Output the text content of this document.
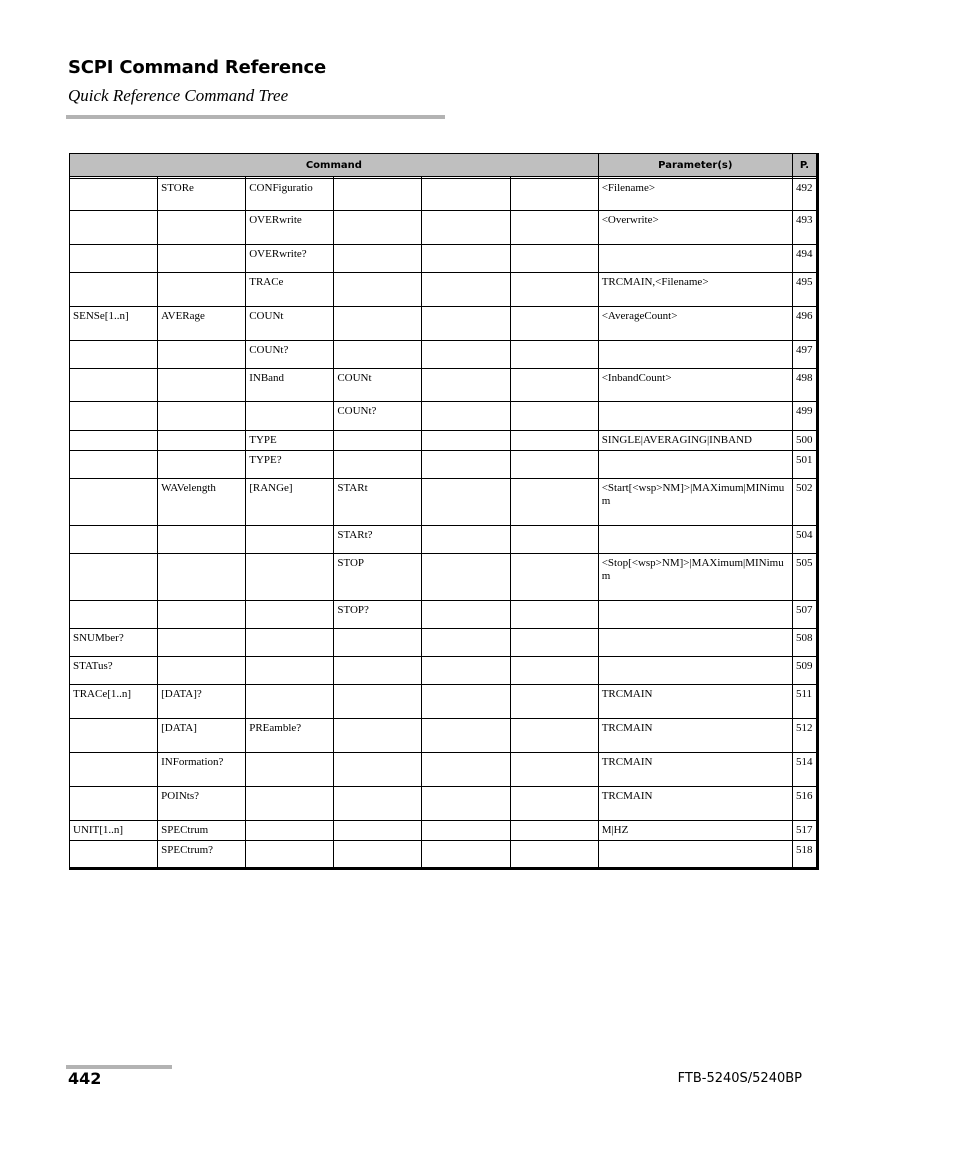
SCPI Command Reference
Quick Reference Command Tree
Command						Parameter(s)	P.

	STORe	CONFiguratio				<Filename>	492
		OVERwrite				<Overwrite>	493
		OVERwrite?					494
		TRACe				TRCMAIN,<Filename>	495
SENSe[1..n]	AVERage	COUNt				<AverageCount>	496
		COUNt?					497
		INBand	COUNt			<InbandCount>	498
			COUNt?				499
		TYPE				SINGLE|AVERAGING|INBAND	500
		TYPE?					501
	WAVelength	[RANGe]	STARt			<Start[<wsp>NM]>|MAXimum|MINimum	502
			STARt?				504
			STOP			<Stop[<wsp>NM]>|MAXimum|MINimum	505
			STOP?				507
SNUMber?							508
STATus?							509
TRACe[1..n]	[DATA]?					TRCMAIN	511
	[DATA]	PREamble?				TRCMAIN	512
	INFormation?					TRCMAIN	514
	POINts?					TRCMAIN	516
UNIT[1..n]	SPECtrum					M|HZ	517
	SPECtrum?						518
442	FTB-5240S/5240BP
